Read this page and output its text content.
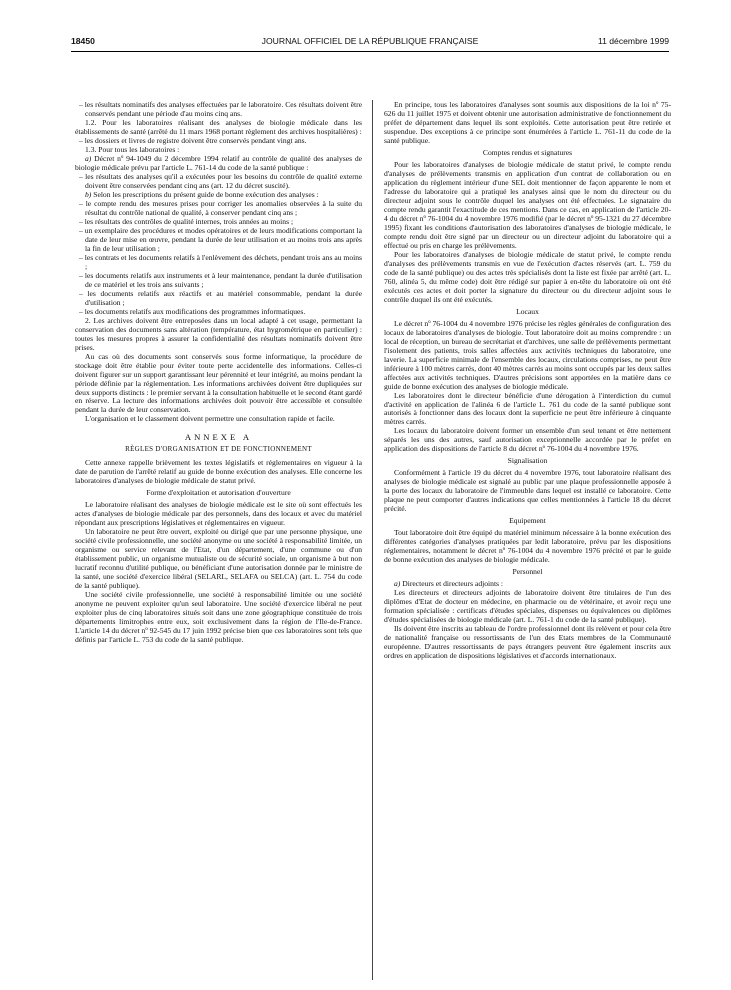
18450	JOURNAL OFFICIEL DE LA RÉPUBLIQUE FRANÇAISE	11 décembre 1999

– les résultats nominatifs des analyses effectuées par le laboratoire. Ces résultats doivent être conservés pendant une période d'au moins cinq ans.

1.2. Pour les laboratoires réalisant des analyses de biologie médicale dans les établissements de santé (arrêté du 11 mars 1968 portant règlement des archives hospitalières) :

– les dossiers et livres de registre doivent être conservés pendant vingt ans.

1.3. Pour tous les laboratoires :

a) Décret nº 94-1049 du 2 décembre 1994 relatif au contrôle de qualité des analyses de biologie médicale prévu par l'article L. 761-14 du code de la santé publique :

– les résultats des analyses qu'il a exécutées pour les besoins du contrôle de qualité externe doivent être conservées pendant cinq ans (art. 12 du décret suscité).

b) Selon les prescriptions du présent guide de bonne exécution des analyses :

– le compte rendu des mesures prises pour corriger les anomalies observées à la suite du résultat du contrôle national de qualité, à conserver pendant cinq ans ;

– les résultats des contrôles de qualité internes, trois années au moins ;

– un exemplaire des procédures et modes opératoires et de leurs modifications comportant la date de leur mise en œuvre, pendant la durée de leur utilisation et au moins trois ans après la fin de leur utilisation ;

– les contrats et les documents relatifs à l'enlèvement des déchets, pendant trois ans au moins ;

– les documents relatifs aux instruments et à leur maintenance, pendant la durée d'utilisation de ce matériel et les trois ans suivants ;

– les documents relatifs aux réactifs et au matériel consommable, pendant la durée d'utilisation ;

– les documents relatifs aux modifications des programmes informatiques.

2. Les archives doivent être entreposées dans un local adapté à cet usage, permettant la conservation des documents sans altération (température, état hygrométrique en particulier) : toutes les mesures propres à assurer la confidentialité des résultats nominatifs doivent être prises.

Au cas où des documents sont conservés sous forme informatique, la procédure de stockage doit être établie pour éviter toute perte accidentelle des informations. Celles-ci doivent figurer sur un support garantissant leur pérennité et leur intégrité, au moins pendant la période définie par la réglementation. Les informations archivées doivent être dupliquées sur deux supports distincts : le premier servant à la consultation habituelle et le second étant gardé en réserve. La lecture des informations archivées doit pouvoir être accessible et consultée pendant la durée de leur conservation.

L'organisation et le classement doivent permettre une consultation rapide et facile.

ANNEXE A
RÈGLES D'ORGANISATION ET DE FONCTIONNEMENT

Cette annexe rappelle brièvement les textes législatifs et réglementaires en vigueur à la date de parution de l'arrêté relatif au guide de bonne exécution des analyses. Elle concerne les laboratoires d'analyses de biologie médicale de statut privé.

Forme d'exploitation et autorisation d'ouverture

Le laboratoire réalisant des analyses de biologie médicale est le site où sont effectués les actes d'analyses de biologie médicale par des personnels, dans des locaux et avec du matériel répondant aux prescriptions législatives et réglementaires en vigueur.

Un laboratoire ne peut être ouvert, exploité ou dirigé que par une personne physique, une société civile professionnelle, une société anonyme ou une société à responsabilité limitée, un organisme ou service relevant de l'Etat, d'un département, d'une commune ou d'un établissement public, un organisme mutualiste ou de sécurité sociale, un organisme à but non lucratif reconnu d'utilité publique, ou bénéficiant d'une autorisation donnée par le ministre de la santé, une société d'exercice libéral (SELARL, SELAFA ou SELCA) (art. L. 754 du code de la santé publique).

Une société civile professionnelle, une société à responsabilité limitée ou une société anonyme ne peuvent exploiter qu'un seul laboratoire. Une société d'exercice libéral ne peut exploiter plus de cinq laboratoires situés soit dans une zone géographique constituée de trois départements limitrophes entre eux, soit exclusivement dans la région de l'Ile-de-France. L'article 14 du décret nº 92-545 du 17 juin 1992 précise bien que ces laboratoires sont tels que définis par l'article L. 753 du code de la santé publique.

En principe, tous les laboratoires d'analyses sont soumis aux dispositions de la loi nº 75-626 du 11 juillet 1975 et doivent obtenir une autorisation administrative de fonctionnement du préfet de département dans lequel ils sont exploités. Cette autorisation peut être retirée et suspendue. Des exceptions à ce principe sont énumérées à l'article L. 761-11 du code de la santé publique.

Comptes rendus et signatures

Pour les laboratoires d'analyses de biologie médicale de statut privé, le compte rendu d'analyses de prélèvements transmis en application d'un contrat de collaboration ou en application du règlement intérieur d'une SEL doit mentionner de façon apparente le nom et l'adresse du laboratoire qui a pratiqué les analyses ainsi que le nom du directeur ou du directeur adjoint sous le contrôle duquel les analyses ont été effectuées. Le signataire du compte rendu garantit l'exactitude de ces mentions. Dans ce cas, en application de l'article 20-4 du décret nº 76-1004 du 4 novembre 1976 modifié (par le décret nº 95-1321 du 27 décembre 1995) fixant les conditions d'autorisation des laboratoires d'analyses de biologie médicale, le compte rendu doit être signé par un directeur ou un directeur adjoint du laboratoire qui a effectué ou pris en charge les prélèvements.

Pour les laboratoires d'analyses de biologie médicale de statut privé, le compte rendu d'analyses des prélèvements transmis en vue de l'exécution d'actes réservés (art. L. 759 du code de la santé publique) ou des actes très spécialisés dont la liste est fixée par arrêté (art. L. 760, alinéa 5, du même code) doit être rédigé sur papier à en-tête du laboratoire où ont été exécutés ces actes et doit porter la signature du directeur ou du directeur adjoint sous le contrôle duquel ils ont été exécutés.

Locaux

Le décret nº 76-1004 du 4 novembre 1976 précise les règles générales de configuration des locaux de laboratoires d'analyses de biologie. Tout laboratoire doit au moins comprendre : un local de réception, un bureau de secrétariat et d'archives, une salle de prélèvements permettant l'isolement des patients, trois salles affectées aux activités techniques du laboratoire, une laverie. La superficie minimale de l'ensemble des locaux, circulations comprises, ne peut être inférieure à 100 mètres carrés, dont 40 mètres carrés au moins sont occupés par les deux salles affectées aux activités techniques. D'autres précisions sont apportées en la matière dans ce guide de bonne exécution des analyses de biologie médicale.

Les laboratoires dont le directeur bénéficie d'une dérogation à l'interdiction du cumul d'activité en application de l'alinéa 6 de l'article L. 761 du code de la santé publique sont autorisés à fonctionner dans des locaux dont la superficie ne peut être inférieure à cinquante mètres carrés.

Les locaux du laboratoire doivent former un ensemble d'un seul tenant et être nettement séparés les uns des autres, sauf autorisation exceptionnelle accordée par le préfet en application des dispositions de l'article 8 du décret nº 76-1004 du 4 novembre 1976.

Signalisation

Conformément à l'article 19 du décret du 4 novembre 1976, tout laboratoire réalisant des analyses de biologie médicale est signalé au public par une plaque professionnelle apposée à la porte des locaux du laboratoire de l'immeuble dans lequel est installé ce laboratoire. Cette plaque ne peut comporter d'autres indications que celles mentionnées à l'article 18 du décret précité.

Equipement

Tout laboratoire doit être équipé du matériel minimum nécessaire à la bonne exécution des différentes catégories d'analyses pratiquées par ledit laboratoire, prévu par les dispositions réglementaires, notamment le décret nº 76-1004 du 4 novembre 1976 précité et par le guide de bonne exécution des analyses de biologie médicale.

Personnel

a) Directeurs et directeurs adjoints :

Les directeurs et directeurs adjoints de laboratoire doivent être titulaires de l'un des diplômes d'Etat de docteur en médecine, en pharmacie ou de vétérinaire, et avoir reçu une formation spécialisée : certificats d'études spéciales, dispenses ou équivalences ou diplômes d'études spécialisées de biologie médicale (art. L. 761-1 du code de la santé publique).

Ils doivent être inscrits au tableau de l'ordre professionnel dont ils relèvent et pour cela être de nationalité française ou ressortissants de l'un des Etats membres de la Communauté européenne. D'autres ressortissants de pays étrangers peuvent être également inscrits aux ordres en application de dispositions législatives et d'accords internationaux.
